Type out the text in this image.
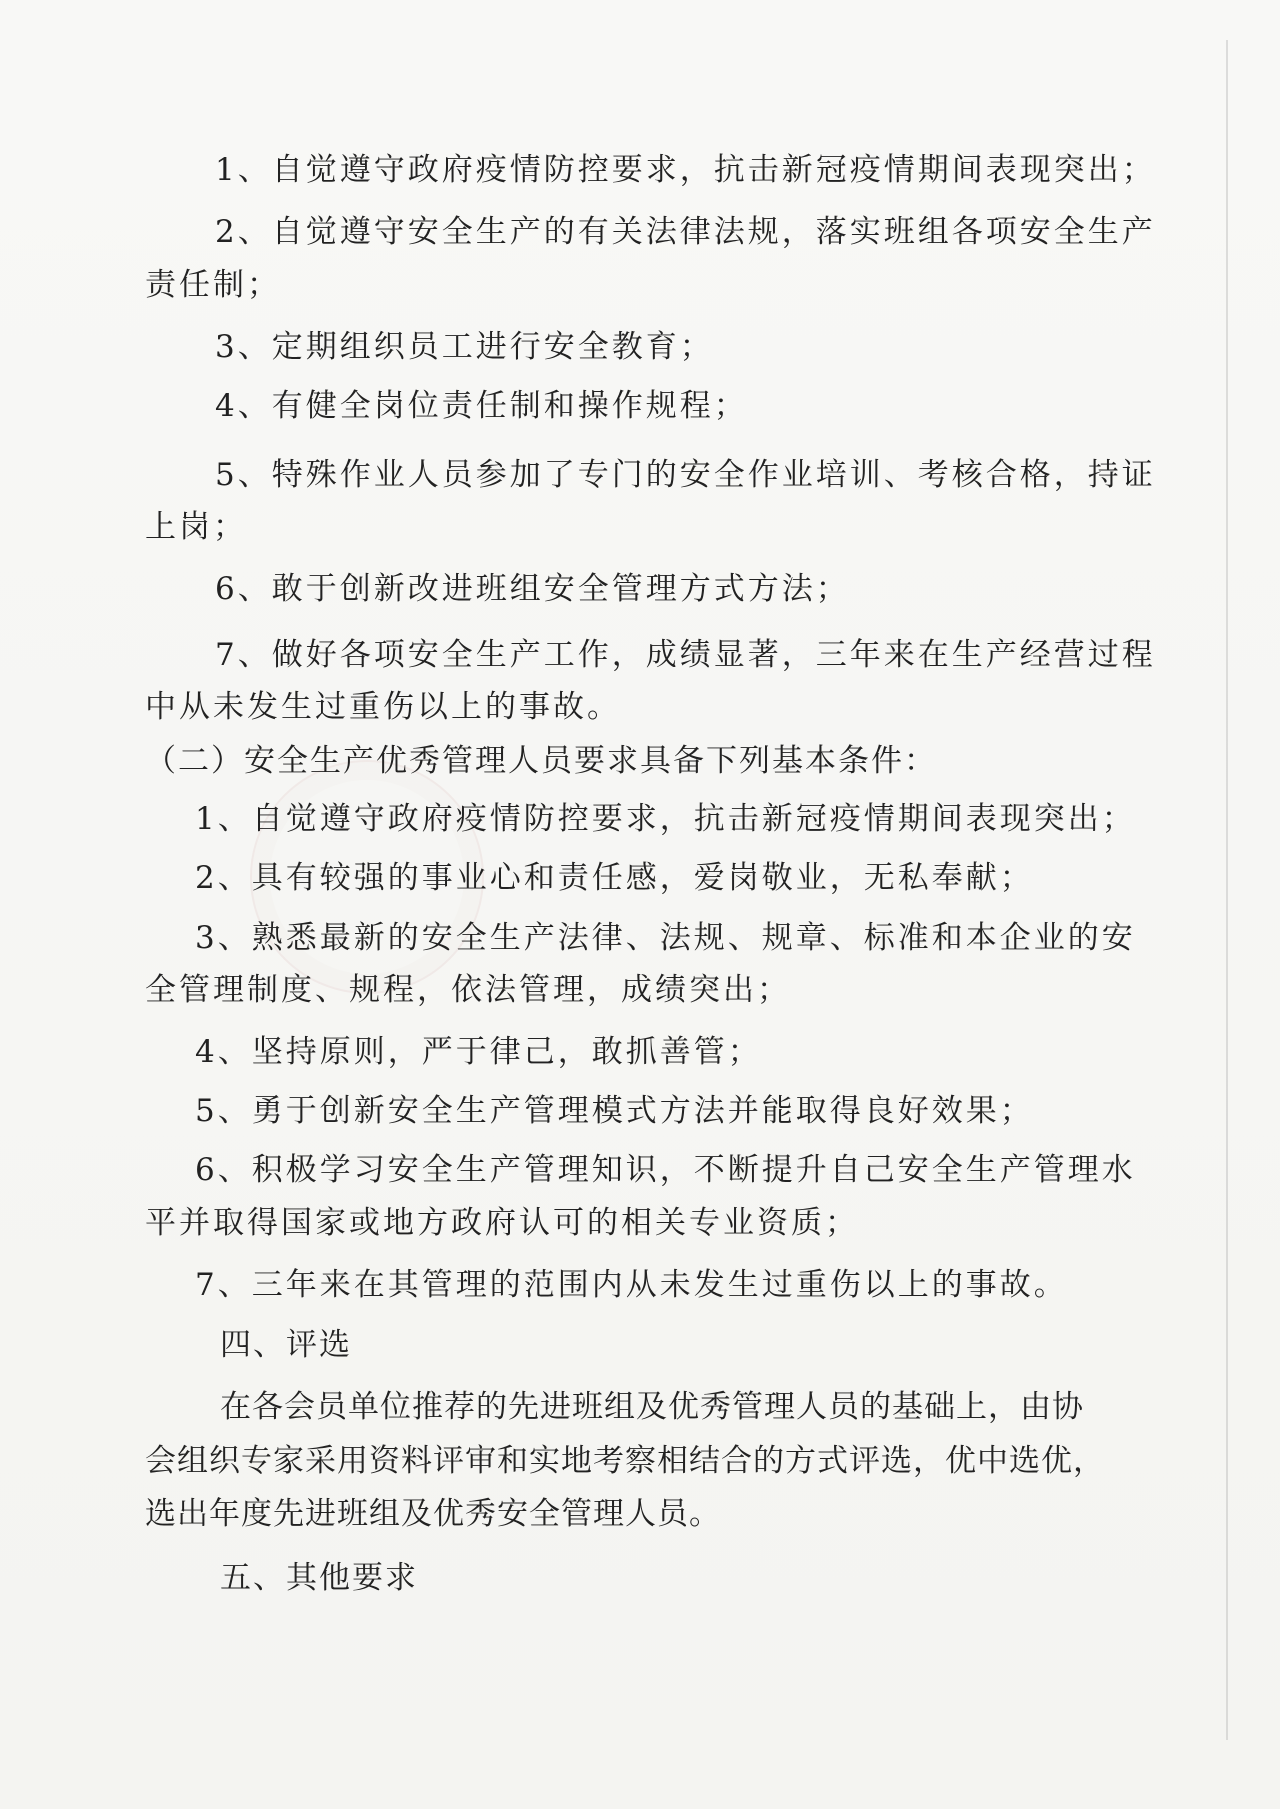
1、自觉遵守政府疫情防控要求，抗击新冠疫情期间表现突出；
2、自觉遵守安全生产的有关法律法规，落实班组各项安全生产
责任制；
3、定期组织员工进行安全教育；
4、有健全岗位责任制和操作规程；
5、特殊作业人员参加了专门的安全作业培训、考核合格，持证
上岗；
6、敢于创新改进班组安全管理方式方法；
7、做好各项安全生产工作，成绩显著，三年来在生产经营过程
中从未发生过重伤以上的事故。
（二）安全生产优秀管理人员要求具备下列基本条件：
1、自觉遵守政府疫情防控要求，抗击新冠疫情期间表现突出；
2、具有较强的事业心和责任感，爱岗敬业，无私奉献；
3、熟悉最新的安全生产法律、法规、规章、标准和本企业的安
全管理制度、规程，依法管理，成绩突出；
4、坚持原则，严于律己，敢抓善管；
5、勇于创新安全生产管理模式方法并能取得良好效果；
6、积极学习安全生产管理知识，不断提升自己安全生产管理水
平并取得国家或地方政府认可的相关专业资质；
7、三年来在其管理的范围内从未发生过重伤以上的事故。
四、评选
在各会员单位推荐的先进班组及优秀管理人员的基础上，由协
会组织专家采用资料评审和实地考察相结合的方式评选，优中选优，
选出年度先进班组及优秀安全管理人员。
五、其他要求
